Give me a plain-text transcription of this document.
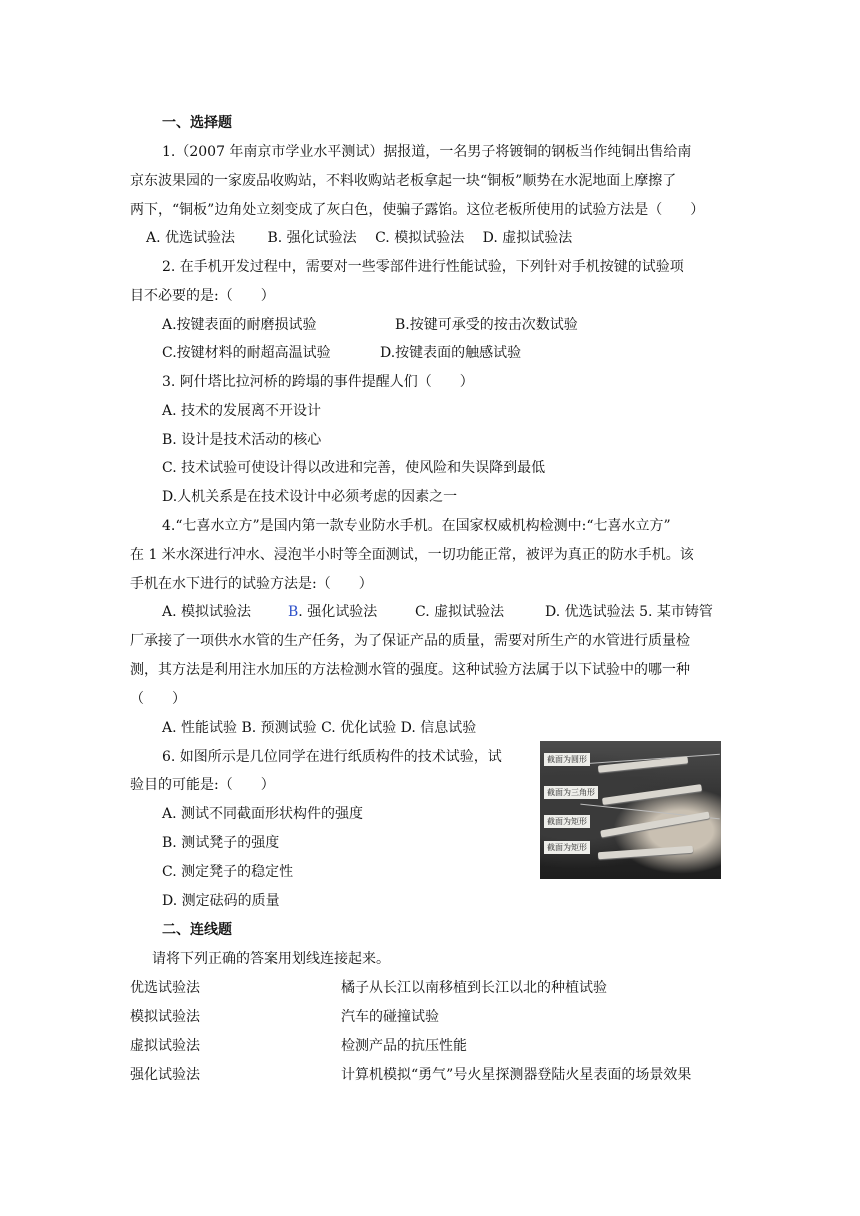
一、选择题
1.（2007 年南京市学业水平测试）据报道，一名男子将镀铜的钢板当作纯铜出售给南
京东波果园的一家废品收购站，不料收购站老板拿起一块“铜板”顺势在水泥地面上摩擦了
两下，“铜板”边角处立刻变成了灰白色，使骗子露馅。这位老板所使用的试验方法是（　　）
A. 优选试验法　　 B. 强化试验法　 C. 模拟试验法　 D. 虚拟试验法
2. 在手机开发过程中，需要对一些零部件进行性能试验，下列针对手机按键的试验项
目不必要的是:（　　）
A.按键表面的耐磨损试验	B.按键可承受的按击次数试验
C.按键材料的耐超高温试验	D.按键表面的触感试验
3. 阿什塔比拉河桥的跨塌的事件提醒人们（　　）
A. 技术的发展离不开设计
B. 设计是技术活动的核心
C. 技术试验可使设计得以改进和完善，使风险和失误降到最低
D.人机关系是在技术设计中必须考虑的因素之一
4.“七喜水立方”是国内第一款专业防水手机。在国家权威机构检测中:“七喜水立方”
在 1 米水深进行冲水、浸泡半小时等全面测试，一切功能正常，被评为真正的防水手机。该
手机在水下进行的试验方法是:（　　）
A. 模拟试验法	B. 强化试验法	C. 虚拟试验法	D. 优选试验法 5. 某市铸管
厂承接了一项供水水管的生产任务，为了保证产品的质量，需要对所生产的水管进行质量检
测，其方法是利用注水加压的方法检测水管的强度。这种试验方法属于以下试验中的哪一种
（　　）
A. 性能试验 B. 预测试验 C. 优化试验 D. 信息试验
6. 如图所示是几位同学在进行纸质构件的技术试验，试
验目的可能是:（　　）
A. 测试不同截面形状构件的强度
B. 测试凳子的强度
C. 测定凳子的稳定性
D. 测定砝码的质量
截面为圆形
截面为三角形
截面为矩形
截面为矩形
二、连线题
请将下列正确的答案用划线连接起来。
优选试验法	橘子从长江以南移植到长江以北的种植试验
模拟试验法	汽车的碰撞试验
虚拟试验法	检测产品的抗压性能
强化试验法	计算机模拟“勇气”号火星探测器登陆火星表面的场景效果
